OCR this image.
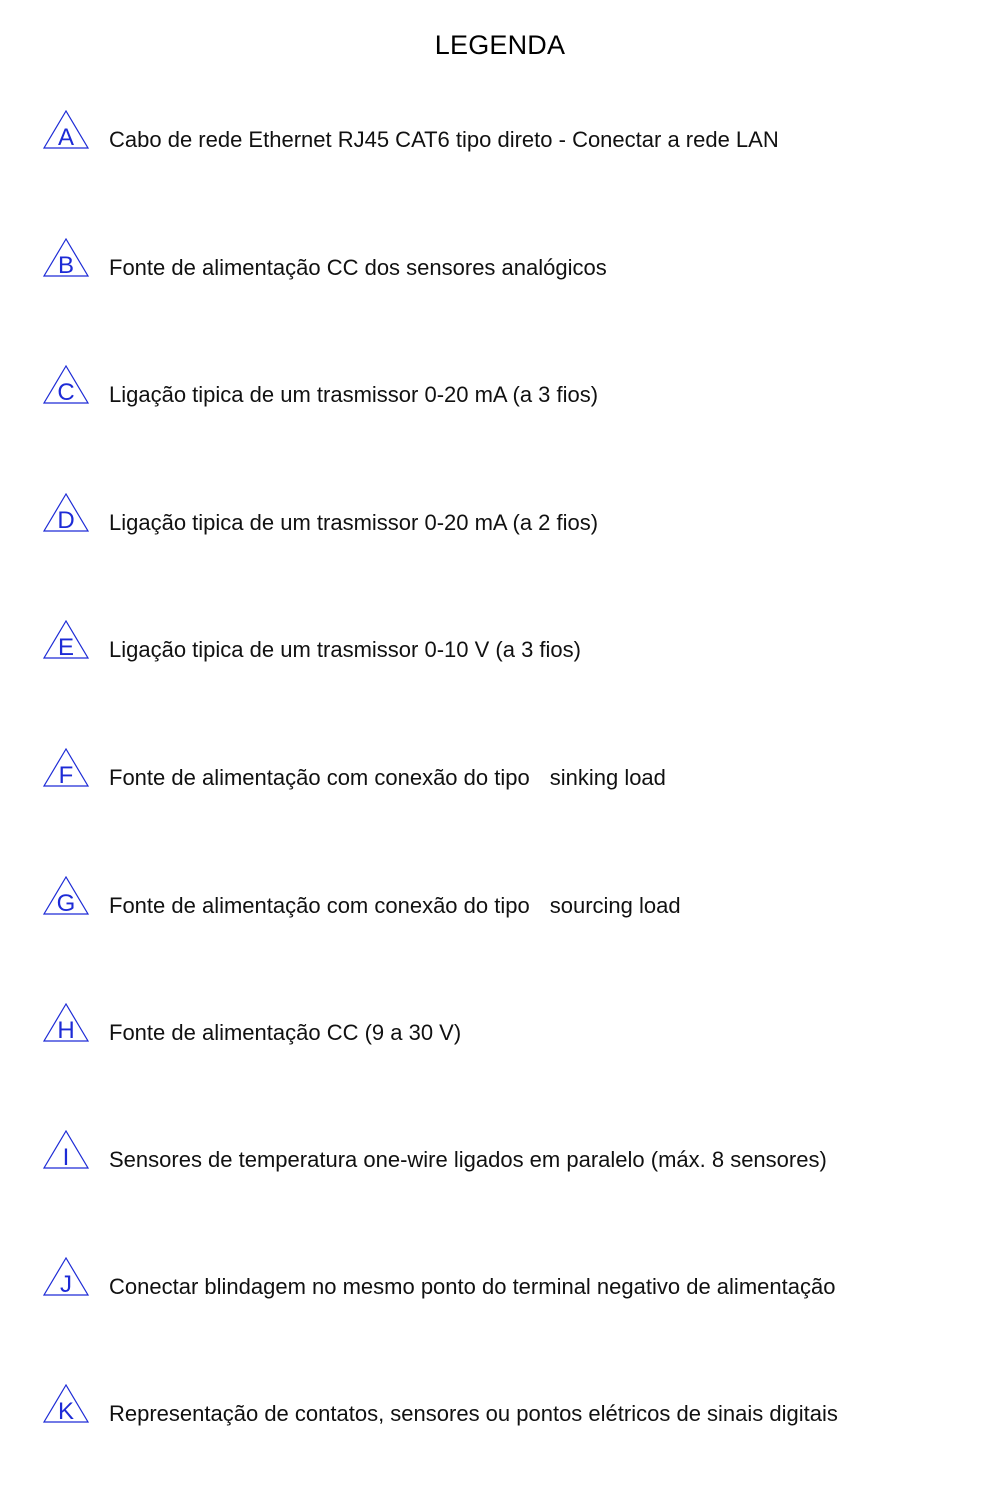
LEGENDA
A	Cabo de rede Ethernet RJ45 CAT6 tipo direto - Conectar a rede LAN
B	Fonte de alimentação CC dos sensores analógicos
C	Ligação tipica de um trasmissor 0-20 mA (a 3 fios)
D	Ligação tipica de um trasmissor 0-20 mA (a 2 fios)
E	Ligação tipica de um trasmissor 0-10 V (a 3 fios)
F	Fonte de alimentação com conexão do tipo sinking load
G	Fonte de alimentação com conexão do tipo sourcing load
H	Fonte de alimentação CC (9 a 30 V)
I	Sensores de temperatura one-wire ligados em paralelo (máx. 8 sensores)
J	Conectar blindagem no mesmo ponto do terminal negativo de alimentação
K	Representação de contatos, sensores ou pontos elétricos de sinais digitais
